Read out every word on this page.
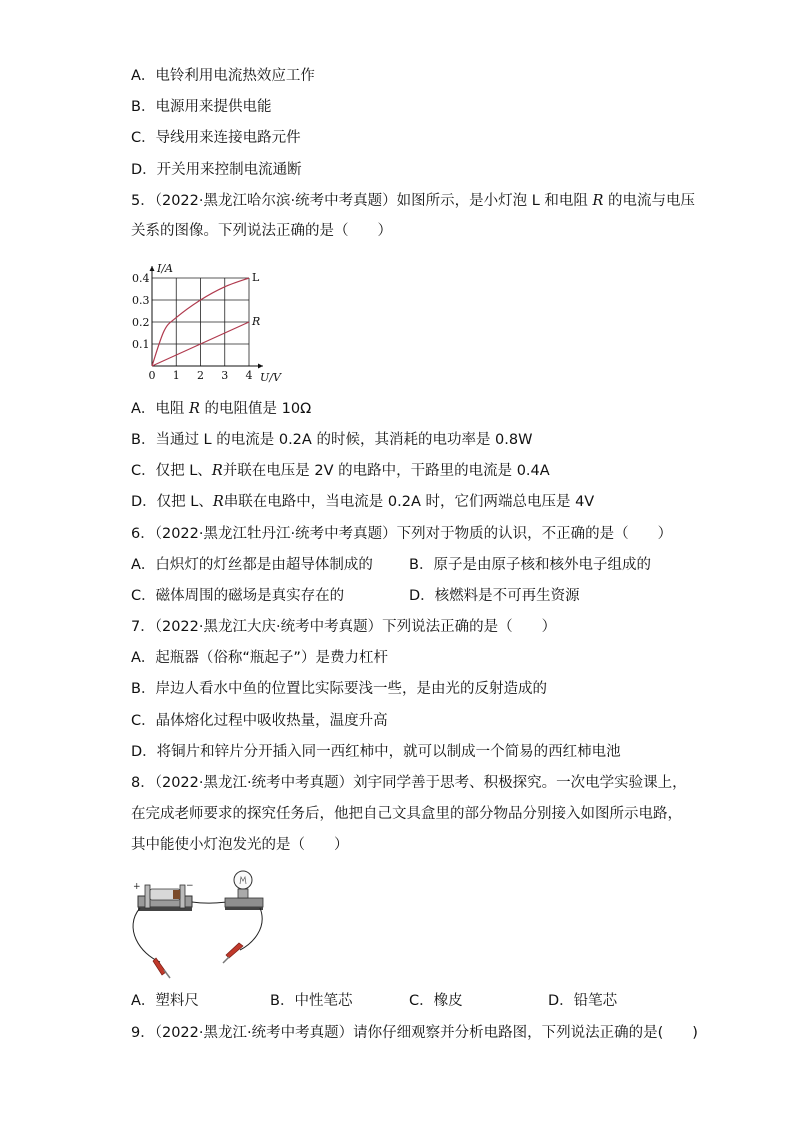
A．电铃利用电流热效应工作
B．电源用来提供电能
C．导线用来连接电路元件
D．开关用来控制电流通断
5．（2022·黑龙江哈尔滨·统考中考真题）如图所示，是小灯泡 L 和电阻 R 的电流与电压
关系的图像。下列说法正确的是（　　）
0 1 2 3 4
0.1
0.2
0.3
0.4
I/A
U/V
L
R
A．电阻 R 的电阻值是 10Ω
B．当通过 L 的电流是 0.2A 的时候，其消耗的电功率是 0.8W
C．仅把 L、R并联在电压是 2V 的电路中，干路里的电流是 0.4A
D．仅把 L、R串联在电路中，当电流是 0.2A 时，它们两端总电压是 4V
6．（2022·黑龙江牡丹江·统考中考真题）下列对于物质的认识，不正确的是（　　）
A．白炽灯的灯丝都是由超导体制成的 B．原子是由原子核和核外电子组成的
C．磁体周围的磁场是真实存在的	D．核燃料是不可再生资源
7．（2022·黑龙江大庆·统考中考真题）下列说法正确的是（　　）
A．起瓶器（俗称“瓶起子”）是费力杠杆
B．岸边人看水中鱼的位置比实际要浅一些，是由光的反射造成的
C．晶体熔化过程中吸收热量，温度升高
D．将铜片和锌片分开插入同一西红柿中，就可以制成一个简易的西红柿电池
8．（2022·黑龙江·统考中考真题）刘宇同学善于思考、积极探究。一次电学实验课上，
在完成老师要求的探究任务后，他把自己文具盒里的部分物品分别接入如图所示电路，
其中能使小灯泡发光的是（　　）
+	−
A．塑料尺	B．中性笔芯	C．橡皮	D．铅笔芯
9．（2022·黑龙江·统考中考真题）请你仔细观察并分析电路图，下列说法正确的是(　　)
